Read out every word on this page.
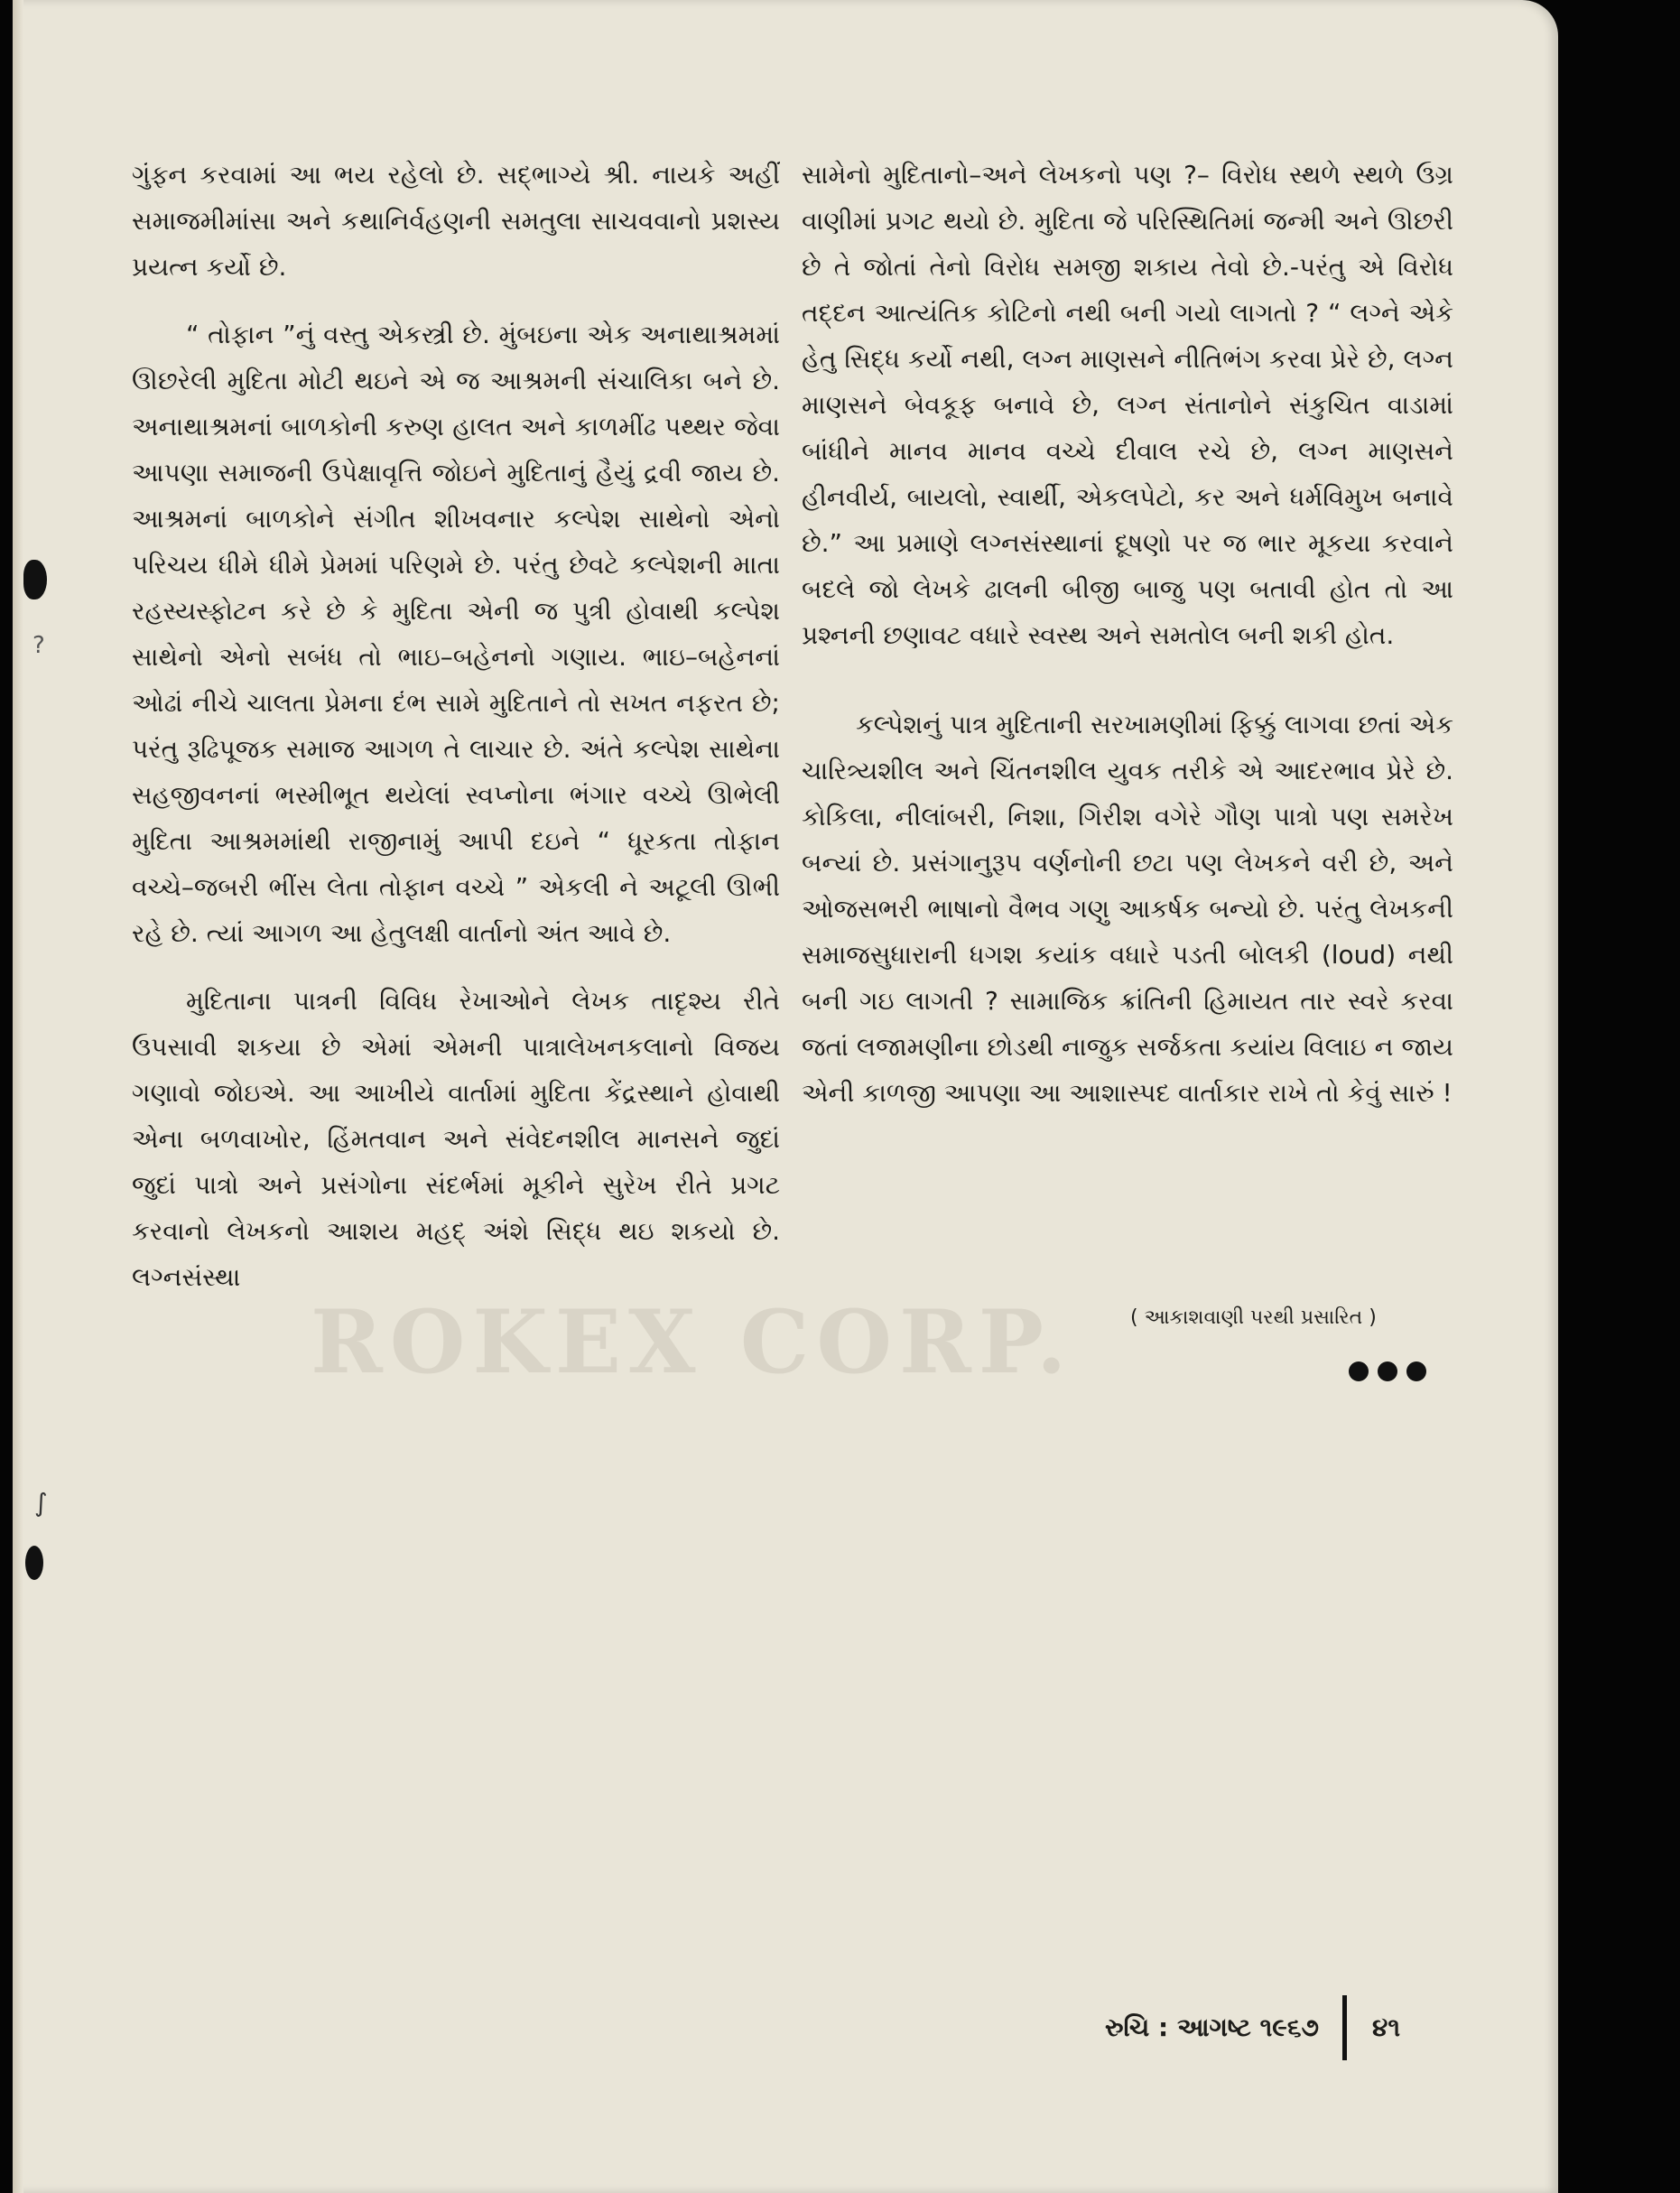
ROKEX CORP.

ગુંફન કરવામાં આ ભય રહેલો છે. સદ્ભાગ્યે શ્રી. નાયકે અહીં સમાજમીમાંસા અને કથાનિર્વહણની સમતુલા સાચવવાનો પ્રશસ્ય પ્રયત્ન કર્યો છે.

“ તોફાન ”નું વસ્તુ એકસ્ત્રી છે. મુંબઇના એક અનાથાશ્રમમાં ઊછરેલી મુદિતા મોટી થઇને એ જ આશ્રમની સંચાલિકા બને છે. અનાથાશ્રમનાં બાળકોની કરુણ હાલત અને કાળમીંઢ પથ્થર જેવા આપણા સમાજની ઉપેક્ષાવૃત્તિ જોઇને મુદિતાનું હૈયું દ્રવી જાય છે. આશ્રમનાં બાળકોને સંગીત શીખવનાર કલ્પેશ સાથેનો એનો પરિચય ધીમે ધીમે પ્રેમમાં પરિણમે છે. પરંતુ છેવટે કલ્પેશની માતા રહસ્યસ્ફોટન કરે છે કે મુદિતા એની જ પુત્રી હોવાથી કલ્પેશ સાથેનો એનો સબંધ તો ભાઇ–બહેનનો ગણાય. ભાઇ–બહેનનાં ઓઢાં નીચે ચાલતા પ્રેમના દંભ સામે મુદિતાને તો સખત નફરત છે; પરંતુ રૂઢિપૂજક સમાજ આગળ તે લાચાર છે. અંતે કલ્પેશ સાથેના સહજીવનનાં ભસ્મીભૂત થયેલાં સ્વપ્નોના ભંગાર વચ્ચે ઊભેલી મુદિતા આશ્રમમાંથી રાજીનામું આપી દઇને “ ધૂરકતા તોફાન વચ્ચે–જબરી ભીંસ લેતા તોફાન વચ્ચે ” એકલી ને અટૂલી ઊભી રહે છે. ત્યાં આગળ આ હેતુલક્ષી વાર્તાનો અંત આવે છે.

મુદિતાના પાત્રની વિવિધ રેખાઓને લેખક તાદૃશ્ય રીતે ઉપસાવી શકયા છે એમાં એમની પાત્રાલેખનકલાનો વિજય ગણાવો જોઇએ. આ આખીયે વાર્તામાં મુદિતા કેંદ્રસ્થાને હોવાથી એના બળવાખોર, હિંમતવાન અને સંવેદનશીલ માનસને જુદાં જુદાં પાત્રો અને પ્રસંગોના સંદર્ભમાં મૂકીને સુરેખ રીતે પ્રગટ કરવાનો લેખકનો આશય મહદ્ અંશે સિદ્ધ થઇ શકયો છે. લગ્નસંસ્થા

સામેનો મુદિતાનો–અને લેખકનો પણ ?– વિરોધ સ્થળે સ્થળે ઉગ્ર વાણીમાં પ્રગટ થયો છે. મુદિતા જે પરિસ્થિતિમાં જન્મી અને ઊછરી છે તે જોતાં તેનો વિરોધ સમજી શકાય તેવો છે.-પરંતુ એ વિરોધ તદ્દન આત્યંતિક કોટિનો નથી બની ગયો લાગતો ? “ લગ્ને એકે હેતુ સિદ્ધ કર્યો નથી, લગ્ન માણસને નીતિભંગ કરવા પ્રેરે છે, લગ્ન માણસને બેવકૂફ બનાવે છે, લગ્ન સંતાનોને સંકુચિત વાડામાં બાંધીને માનવ માનવ વચ્ચે દીવાલ રચે છે, લગ્ન માણસને હીનવીર્ય, બાયલો, સ્વાર્થી, એકલપેટો, કર અને ધર્મવિમુખ બનાવે છે.” આ પ્રમાણે લગ્નસંસ્થાનાં દૂષણો પર જ ભાર મૂકયા કરવાને બદલે જો લેખકે ઢાલની બીજી બાજુ પણ બતાવી હોત તો આ પ્રશ્નની છણાવટ વધારે સ્વસ્થ અને સમતોલ બની શકી હોત.

કલ્પેશનું પાત્ર મુદિતાની સરખામણીમાં ફિક્કું લાગવા છતાં એક ચારિત્ર્યશીલ અને ચિંતનશીલ યુવક તરીકે એ આદરભાવ પ્રેરે છે. કોકિલા, નીલાંબરી, નિશા, ગિરીશ વગેરે ગૌણ પાત્રો પણ સમરેખ બન્યાં છે. પ્રસંગાનુરૂપ વર્ણનોની છટા પણ લેખકને વરી છે, અને ઓજસભરી ભાષાનો વૈભવ ગણુ આકર્ષક બન્યો છે. પરંતુ લેખકની સમાજસુધારાની ધગશ કયાંક વધારે પડતી બોલકી (loud) નથી બની ગઇ લાગતી ? સામાજિક ક્રાંતિની હિમાયત તાર સ્વરે કરવા જતાં લજામણીના છોડથી નાજુક સર્જકતા કયાંય વિલાઇ ન જાય એની કાળજી આપણા આ આશાસ્પદ વાર્તાકાર રાખે તો કેવું સારું !

( આકાશવાણી પરથી પ્રસારિત )
રુચિ : આગષ્ટ ૧૯૬૭ ૪૧
?
∫
